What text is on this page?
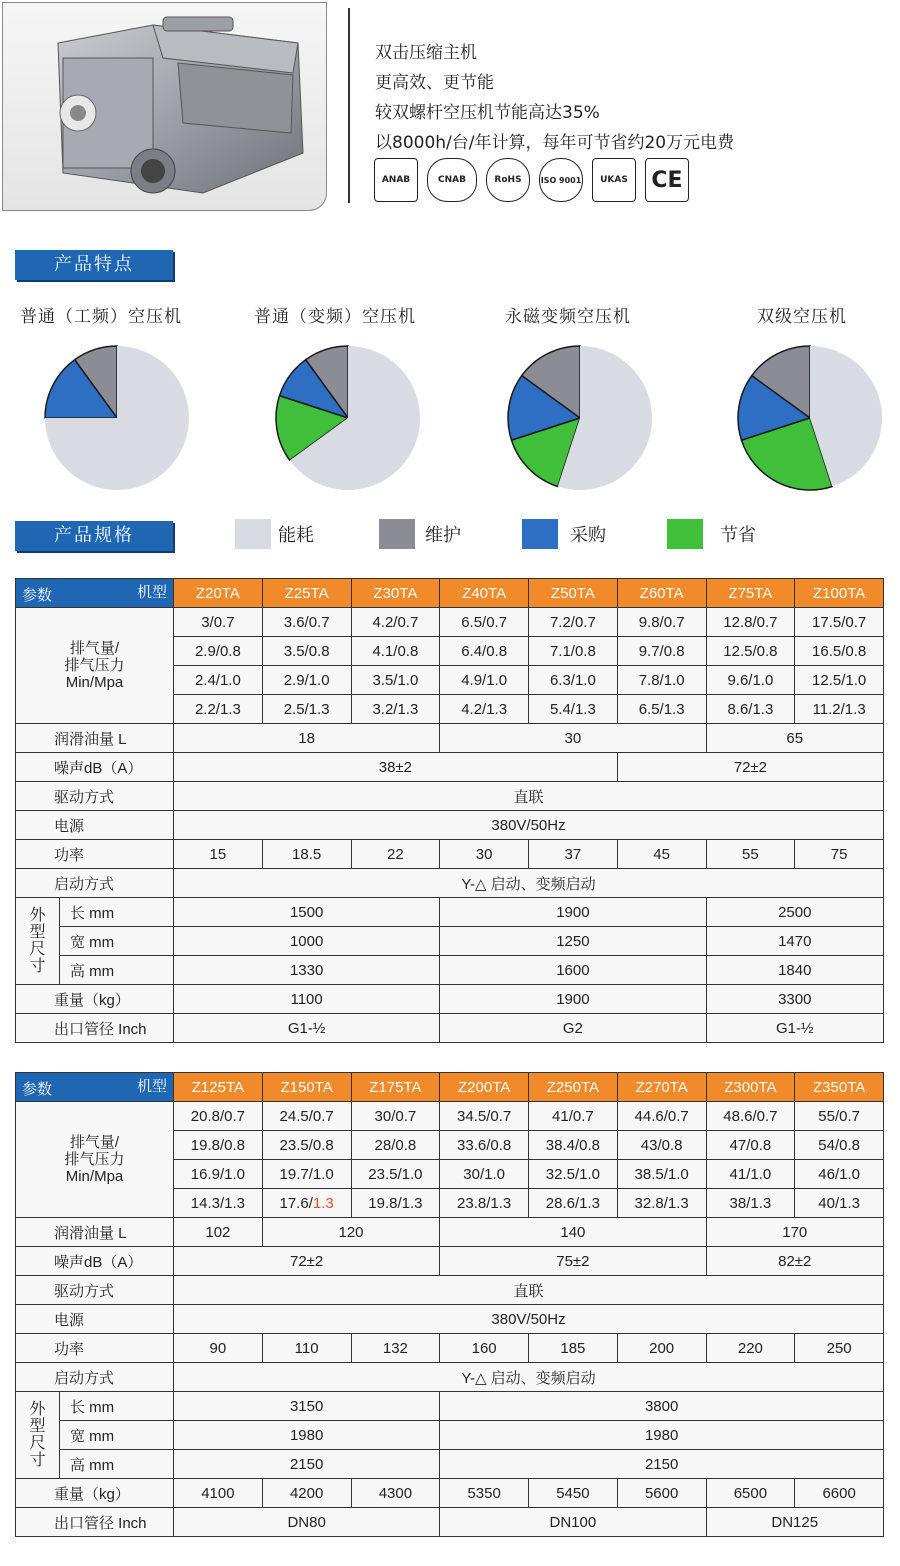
双击压缩主机
更高效、更节能
较双螺杆空压机节能高达35%
以8000h/台/年计算，每年可节省约20万元电费
ANAB	CNAB	RoHS	ISO 9001	UKAS	CE
产品特点
普通（工频）空压机	普通（变频）空压机	永磁变频空压机	双级空压机
产品规格	能耗	维护	采购	节省
参数 机型		Z20TA	Z25TA	Z30TA	Z40TA	Z50TA	Z60TA	Z75TA	Z100TA

排气量/
排气压力
Min/Mpa		3/0.7	3.6/0.7	4.2/0.7	6.5/0.7	7.2/0.7	9.8/0.7	12.8/0.7	17.5/0.7
		2.9/0.8	3.5/0.8	4.1/0.8	6.4/0.8	7.1/0.8	9.7/0.8	12.5/0.8	16.5/0.8
		2.4/1.0	2.9/1.0	3.5/1.0	4.9/1.0	6.3/1.0	7.8/1.0	9.6/1.0	12.5/1.0
		2.2/1.3	2.5/1.3	3.2/1.3	4.2/1.3	5.4/1.3	6.5/1.3	8.6/1.3	11.2/1.3
润滑油量 L		18			30			65	
噪声dB（A）		38±2					72±2		
驱动方式		直联							
电源		380V/50Hz							
功率		15	18.5	22	30	37	45	55	75
启动方式		Y-△ 启动、变频启动							
外型尺寸	长 mm	1500			1900			2500	
	宽 mm	1000			1250			1470	
	高 mm	1330			1600			1840	
重量（kg）		1100			1900			3300	
出口管径 Inch		G1-½			G2			G1-½	
参数 机型		Z125TA	Z150TA	Z175TA	Z200TA	Z250TA	Z270TA	Z300TA	Z350TA

排气量/
排气压力
Min/Mpa		20.8/0.7	24.5/0.7	30/0.7	34.5/0.7	41/0.7	44.6/0.7	48.6/0.7	55/0.7
		19.8/0.8	23.5/0.8	28/0.8	33.6/0.8	38.4/0.8	43/0.8	47/0.8	54/0.8
		16.9/1.0	19.7/1.0	23.5/1.0	30/1.0	32.5/1.0	38.5/1.0	41/1.0	46/1.0
		14.3/1.3	17.6/1.3	19.8/1.3	23.8/1.3	28.6/1.3	32.8/1.3	38/1.3	40/1.3
润滑油量 L		102	120		140			170	
噪声dB（A）		72±2			75±2			82±2	
驱动方式		直联							
电源		380V/50Hz							
功率		90	110	132	160	185	200	220	250
启动方式		Y-△ 启动、变频启动							
外型尺寸	长 mm	3150			3800				
	宽 mm	1980			1980				
	高 mm	2150			2150				
重量（kg）		4100	4200	4300	5350	5450	5600	6500	6600
出口管径 Inch		DN80			DN100			DN125	
